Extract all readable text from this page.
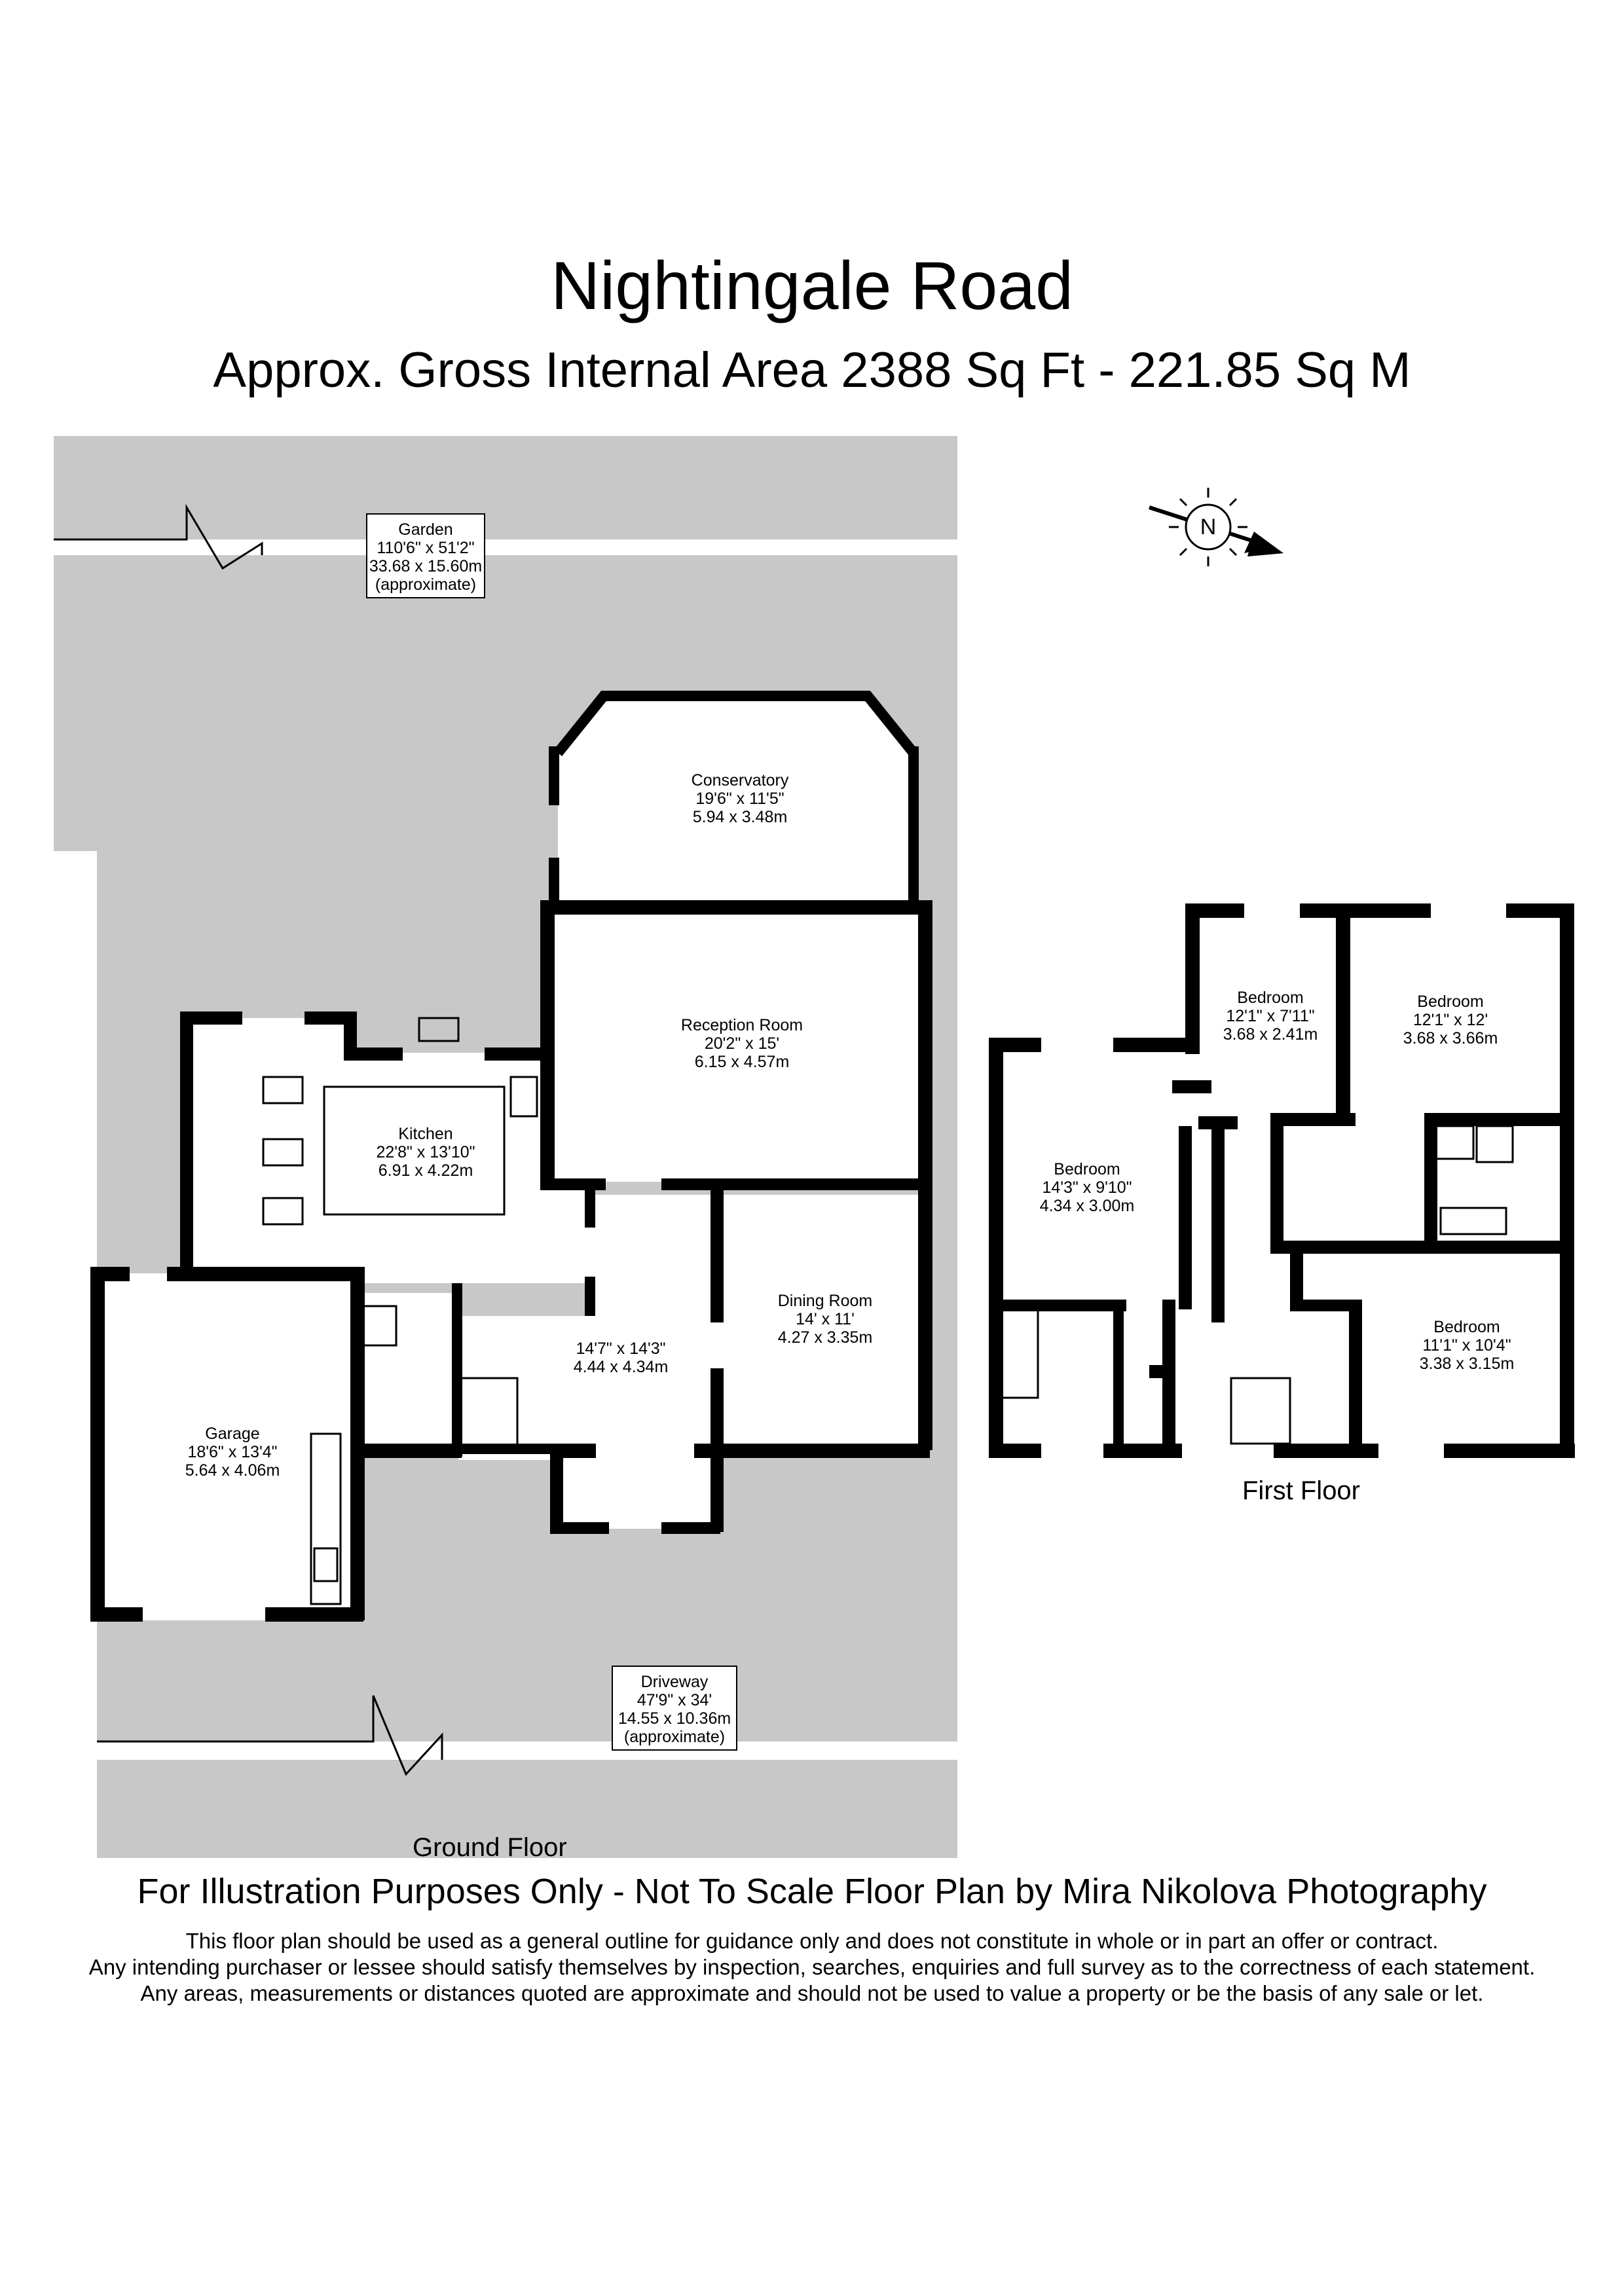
Nightingale Road
Approx. Gross Internal Area 2388 Sq Ft - 221.85 Sq M
N
Garden
110'6" x 51'2"
33.68 x 15.60m
(approximate)
Driveway
47'9" x 34'
14.55 x 10.36m
(approximate)
Conservatory
19'6" x 11'5"
5.94 x 3.48m
Reception Room
20'2" x 15'
6.15 x 4.57m
Kitchen
22'8" x 13'10"
6.91 x 4.22m
Dining Room
14' x 11'
4.27 x 3.35m
14'7" x 14'3"
4.44 x 4.34m
Garage
18'6" x 13'4"
5.64 x 4.06m
Bedroom
12'1" x 7'11"
3.68 x 2.41m
Bedroom
12'1" x 12'
3.68 x 3.66m
Bedroom
14'3" x 9'10"
4.34 x 3.00m
Bedroom
11'1" x 10'4"
3.38 x 3.15m
Ground Floor
First Floor
For Illustration Purposes Only - Not To Scale Floor Plan by Mira Nikolova Photography
This floor plan should be used as a general outline for guidance only and does not constitute in whole or in part an offer or contract.
Any intending purchaser or lessee should satisfy themselves by inspection, searches, enquiries and full survey as to the correctness of each statement.
Any areas, measurements or distances quoted are approximate and should not be used to value a property or be the basis of any sale or let.
